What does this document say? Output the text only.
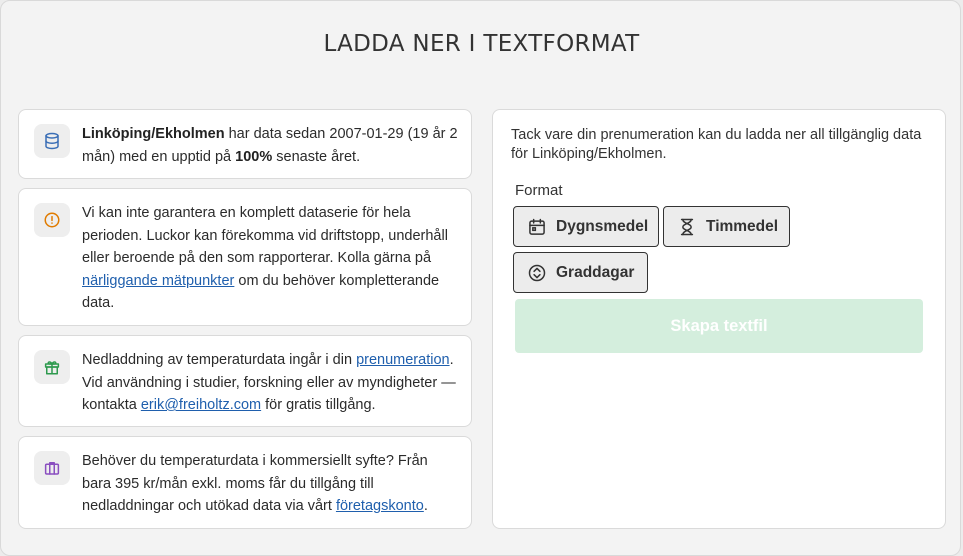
LADDA NER I TEXTFORMAT
Linköping/Ekholmen har data sedan 2007-01-29 (19 år 2 mån) med en upptid på 100% senaste året.
Vi kan inte garantera en komplett dataserie för hela perioden. Luckor kan förekomma vid driftstopp, underhåll eller beroende på den som rapporterar. Kolla gärna på närliggande mätpunkter om du behöver kompletterande data.
Nedladdning av temperaturdata ingår i din prenumeration. Vid användning i studier, forskning eller av myndigheter — kontakta erik@freiholtz.com för gratis tillgång.
Behöver du temperaturdata i kommersiellt syfte? Från bara 395 kr/mån exkl. moms får du tillgång till nedladdningar och utökad data via vårt företagskonto.
Tack vare din prenumeration kan du ladda ner all tillgänglig data för Linköping/Ekholmen.
Format
Dygnsmedel	Timmedel
Graddagar
Skapa textfil
